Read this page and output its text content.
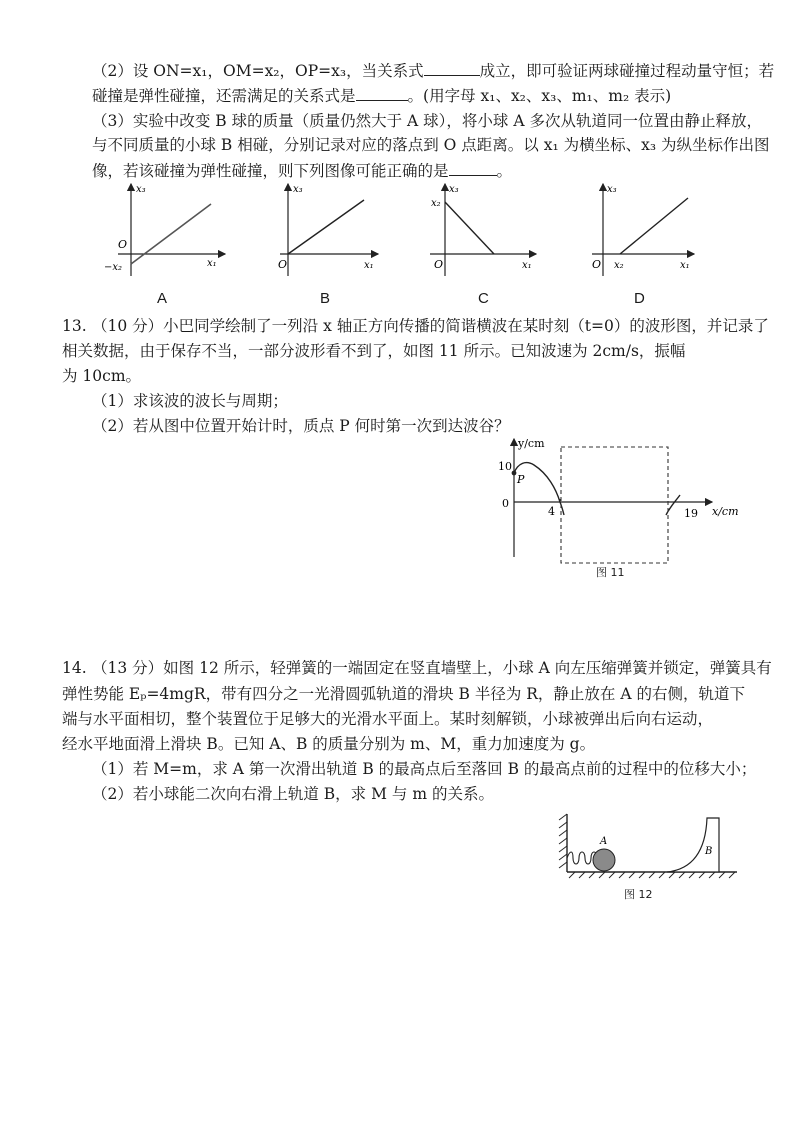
（2）设 ON=x₁，OM=x₂，OP=x₃，当关系式	成立，即可验证两球碰撞过程动量守恒；若
碰撞是弹性碰撞，还需满足的关系式是	。(用字母 x₁、x₂、x₃、m₁、m₂ 表示)
（3）实验中改变 B 球的质量（质量仍然大于 A 球），将小球 A 多次从轨道同一位置由静止释放，
与不同质量的小球 B 相碰，分别记录对应的落点到 O 点距离。以 x₁ 为横坐标、x₃ 为纵坐标作出图
像，若该碰撞为弹性碰撞，则下列图像可能正确的是	。
x₃
x₁
O
−x₂
x₃
x₁
O
x₃
x₁
O
x₂
x₃
x₁
O x₂
A	B	C	D
13. （10 分）小巴同学绘制了一列沿 x 轴正方向传播的简谐横波在某时刻（t=0）的波形图，并记录了
相关数据，由于保存不当，一部分波形看不到了，如图 11 所示。已知波速为 2cm/s，振幅
为 10cm。
（1）求该波的波长与周期；
（2）若从图中位置开始计时，质点 P 何时第一次到达波谷？
y/cm
x/cm
10
0
4	19
P
图 11
14. （13 分）如图 12 所示，轻弹簧的一端固定在竖直墙壁上，小球 A 向左压缩弹簧并锁定，弹簧具有
弹性势能 Eₚ=4mgR，带有四分之一光滑圆弧轨道的滑块 B 半径为 R，静止放在 A 的右侧，轨道下
端与水平面相切，整个装置位于足够大的光滑水平面上。某时刻解锁，小球被弹出后向右运动，
经水平地面滑上滑块 B。已知 A、B 的质量分别为 m、M，重力加速度为 g。
（1）若 M=m，求 A 第一次滑出轨道 B 的最高点后至落回 B 的最高点前的过程中的位移大小；
（2）若小球能二次向右滑上轨道 B，求 M 与 m 的关系。
A
B
图 12
